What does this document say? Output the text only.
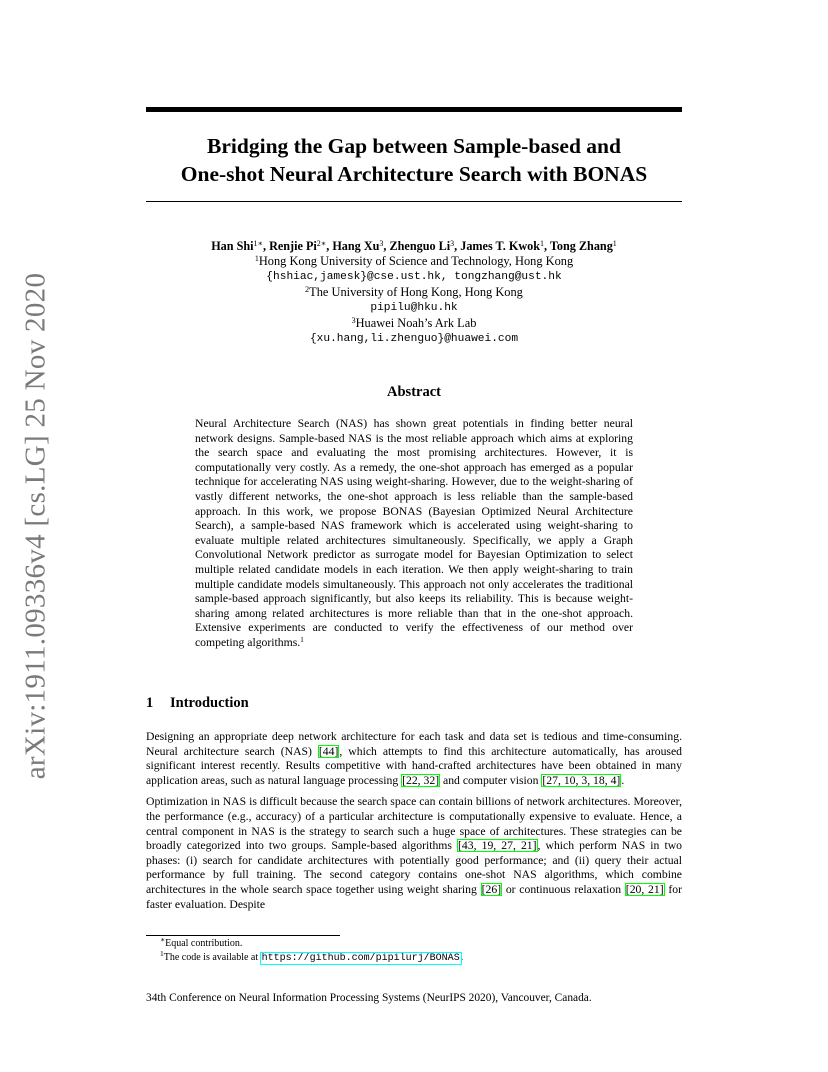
arXiv:1911.09336v4 [cs.LG] 25 Nov 2020
Bridging the Gap between Sample-based and
One-shot Neural Architecture Search with BONAS
Han Shi$^{1∗}$, Renjie $Pi^{2∗}$, Hang Xu$^3$, Zhenguo Li$^3$, James T. Kwok$^1$, Tong Zhang$^1$
$^1$Hong Kong University of Science and Technology, Hong Kong
{hshiac,jamesk}@cse.ust.hk, tongzhang@ust.hk
$^2$The University of Hong Kong, Hong Kong
pipilu@hku.hk
$^3$Huawei Noah’s Ark Lab
{xu.hang,li.zhenguo}@huawei.com
Abstract
Neural Architecture Search (NAS) has shown great potentials in finding better neural network designs. Sample-based NAS is the most reliable approach which aims at exploring the search space and evaluating the most promising architectures. However, it is computationally very costly. As a remedy, the one-shot approach has emerged as a popular technique for accelerating NAS using weight-sharing. However, due to the weight-sharing of vastly different networks, the one-shot approach is less reliable than the sample-based approach. In this work, we propose BONAS (Bayesian Optimized Neural Architecture Search), a sample-based NAS framework which is accelerated using weight-sharing to evaluate multiple related architectures simultaneously. Specifically, we apply a Graph Convolutional Network predictor as surrogate model for Bayesian Optimization to select multiple related candidate models in each iteration. We then apply weight-sharing to train multiple candidate models simultaneously. This approach not only accelerates the traditional sample-based approach significantly, but also keeps its reliability. This is because weight-sharing among related architectures is more reliable than that in the one-shot approach. Extensive experiments are conducted to verify the effectiveness of our method over competing algorithms.$^1$
1 Introduction

Designing an appropriate deep network architecture for each task and data set is tedious and time-consuming. Neural architecture search (NAS) [44], which attempts to find this architecture automatically, has aroused significant interest recently. Results competitive with hand-crafted architectures have been obtained in many application areas, such as natural language processing [22, 32] and computer vision [27, 10, 3, 18, 4].

Optimization in NAS is difficult because the search space can contain billions of network architectures. Moreover, the performance (e.g., accuracy) of a particular architecture is computationally expensive to evaluate. Hence, a central component in NAS is the strategy to search such a huge space of architectures. These strategies can be broadly categorized into two groups. Sample-based algorithms [43, 19, 27, 21], which perform NAS in two phases: (i) search for candidate architectures with potentially good performance; and (ii) query their actual performance by full training. The second category contains one-shot NAS algorithms, which combine architectures in the whole search space together using weight sharing [26] or continuous relaxation [20, 21] for faster evaluation. Despite

∗Equal contribution.
$^1$The code is available at https://github.com/pipilurj/BONAS.
34th Conference on Neural Information Processing Systems (NeurIPS 2020), Vancouver, Canada.
